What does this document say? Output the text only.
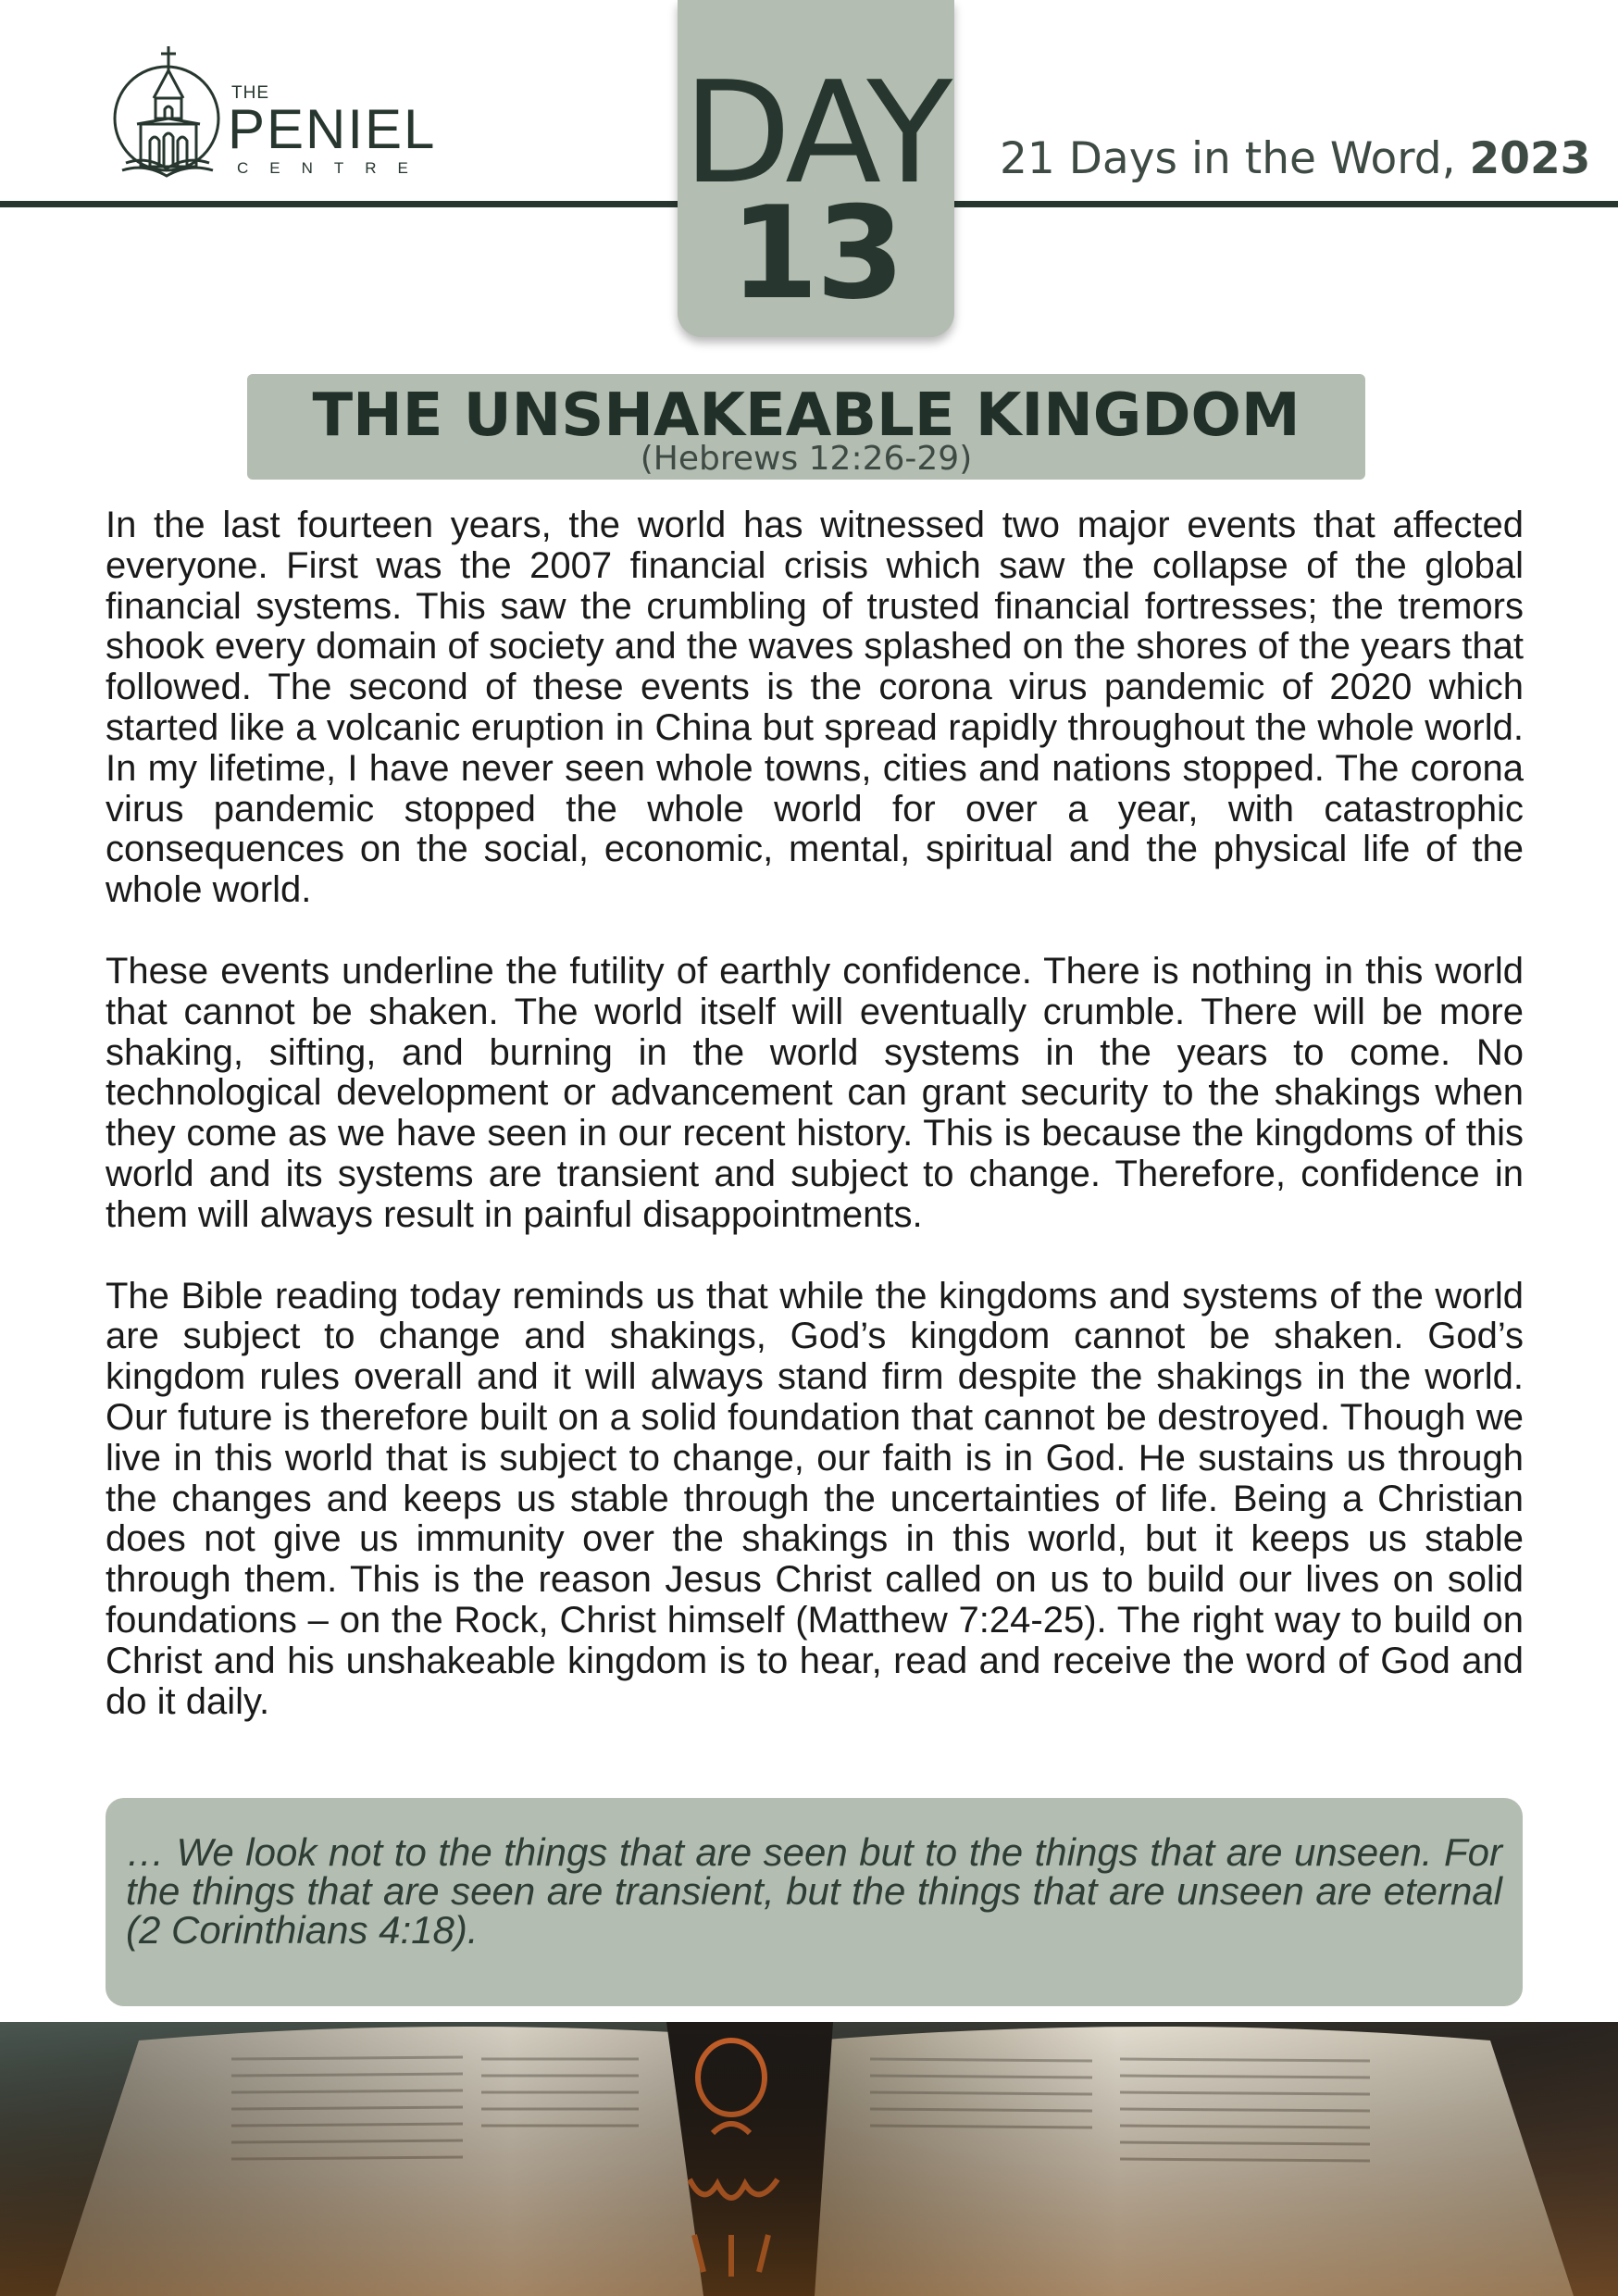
THE
PENIEL
CENTRE DAY
13
21 Days in the Word, 2023
THE UNSHAKEABLE KINGDOM
(Hebrews 12:26-29)

In the last fourteen years, the world has witnessed two major events that affected everyone. First was the 2007 financial crisis which saw the collapse of the global financial systems. This saw the crumbling of trusted financial fortresses; the tremors shook every domain of society and the waves splashed on the shores of the years that followed. The second of these events is the corona virus pandemic of 2020 which started like a volcanic eruption in China but spread rapidly throughout the whole world. In my lifetime, I have never seen whole towns, cities and nations stopped. The corona virus pandemic stopped the whole world for over a year, with catastrophic consequences on the social, economic, mental, spiritual and the physical life of the whole world.

These events underline the futility of earthly confidence. There is nothing in this world that cannot be shaken. The world itself will eventually crumble. There will be more shaking, sifting, and burning in the world systems in the years to come. No technological development or advancement can grant security to the shakings when they come as we have seen in our recent history. This is because the kingdoms of this world and its systems are transient and subject to change. Therefore, confidence in them will always result in painful disappointments.

The Bible reading today reminds us that while the kingdoms and systems of the world are subject to change and shakings, God’s kingdom cannot be shaken. God’s kingdom rules overall and it will always stand firm despite the shakings in the world. Our future is therefore built on a solid foundation that cannot be destroyed. Though we live in this world that is subject to change, our faith is in God. He sustains us through the changes and keeps us stable through the uncertainties of life. Being a Christian does not give us immunity over the shakings in this world, but it keeps us stable through them. This is the reason Jesus Christ called on us to build our lives on solid foundations – on the Rock, Christ himself (Matthew 7:24-25). The right way to build on Christ and his unshakeable kingdom is to hear, read and receive the word of God and do it daily.

… We look not to the things that are seen but to the things that are unseen. For the things that are seen are transient, but the things that are unseen are eternal (2 Corinthians 4:18).
